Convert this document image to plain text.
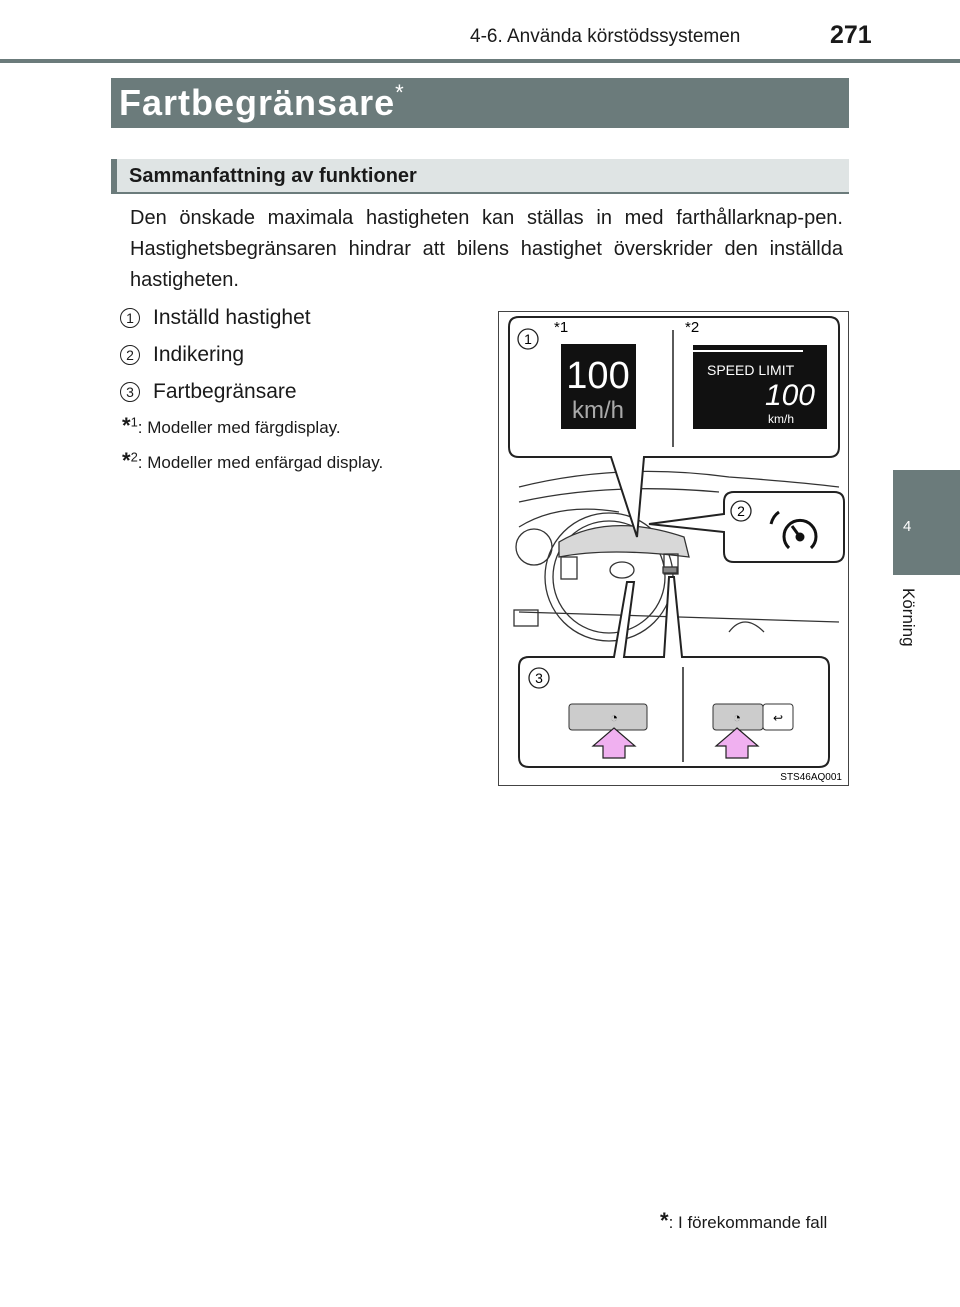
4-6. Använda körstödssystemen	271
4
Körning
Fartbegränsare*
Sammanfattning av funktioner
Den önskade maximala hastigheten kan ställas in med farthållarknap-pen. Hastighetsbegränsaren hindrar att bilens hastighet överskrider den inställda hastigheten.
1 Inställd hastighet
2 Indikering
3 Fartbegränsare
*$^1$: Modeller med färgdisplay.
*$^2$: Modeller med enfärgad display.
1
*1	*2
100
km/h
SPEED LIMIT
100
km/h
2
3
↩
◔	◔
STS46AQ001
*: I förekommande fall
